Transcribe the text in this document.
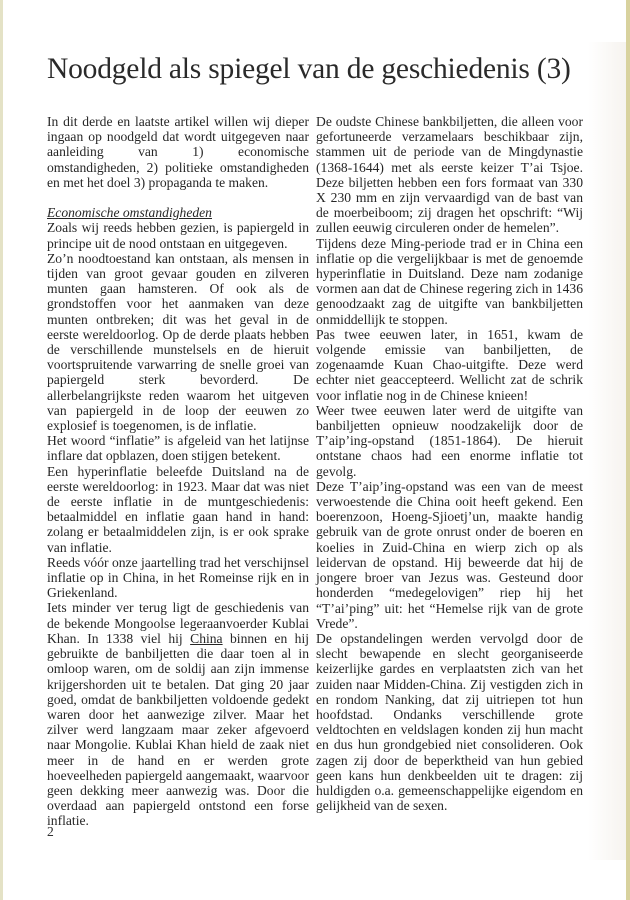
Noodgeld als spiegel van de geschiedenis (3)

In dit derde en laatste artikel willen wij dieper ingaan op noodgeld dat wordt uitgegeven naar aanleiding van 1) economische omstandigheden, 2) politieke omstandigheden en met het doel 3) propaganda te maken.

Economische omstandigheden

Zoals wij reeds hebben gezien, is papiergeld in principe uit de nood ontstaan en uitgegeven.

Zo’n noodtoestand kan ontstaan, als mensen in tijden van groot gevaar gouden en zilveren munten gaan hamsteren. Of ook als de grondstoffen voor het aanmaken van deze munten ontbreken; dit was het geval in de eerste wereldoorlog. Op de derde plaats hebben de verschillende munstelsels en de hieruit voortspruitende varwarring de snelle groei van papiergeld sterk bevorderd. De allerbelangrijkste reden waarom het uitgeven van papiergeld in de loop der eeuwen zo explosief is toegenomen, is de inflatie.

Het woord “inflatie” is afgeleid van het latijnse inflare dat opblazen, doen stijgen betekent.

Een hyperinflatie beleefde Duitsland na de eerste wereldoorlog: in 1923. Maar dat was niet de eerste inflatie in de muntgeschiedenis: betaalmiddel en inflatie gaan hand in hand: zolang er betaalmiddelen zijn, is er ook sprake van inflatie.

Reeds vóór onze jaartelling trad het verschijnsel inflatie op in China, in het Romeinse rijk en in Griekenland.

Iets minder ver terug ligt de geschiedenis van de bekende Mongoolse legeraanvoerder Kublai Khan. In 1338 viel hij China binnen en hij gebruikte de banbiljetten die daar toen al in omloop waren, om de soldij aan zijn immense krijgershorden uit te betalen. Dat ging 20 jaar goed, omdat de bankbiljetten voldoende gedekt waren door het aanwezige zilver. Maar het zilver werd langzaam maar zeker afgevoerd naar Mongolie. Kublai Khan hield de zaak niet meer in de hand en er werden grote hoeveelheden papiergeld aangemaakt, waarvoor geen dekking meer aanwezig was. Door die overdaad aan papiergeld ontstond een forse inflatie.

De oudste Chinese bankbiljetten, die alleen voor gefortuneerde verzamelaars beschikbaar zijn, stammen uit de periode van de Mingdynastie (1368-1644) met als eerste keizer T’ai Tsjoe. Deze biljetten hebben een fors formaat van 330 X 230 mm en zijn vervaardigd van de bast van de moerbeiboom; zij dragen het opschrift: “Wij zullen eeuwig circuleren onder de hemelen”.

Tijdens deze Ming-periode trad er in China een inflatie op die vergelijkbaar is met de genoemde hyperinflatie in Duitsland. Deze nam zodanige vormen aan dat de Chinese regering zich in 1436 genoodzaakt zag de uitgifte van bankbiljetten onmiddellijk te stoppen.

Pas twee eeuwen later, in 1651, kwam de volgende emissie van banbiljetten, de zogenaamde Kuan Chao-uitgifte. Deze werd echter niet geaccepteerd. Wellicht zat de schrik voor inflatie nog in de Chinese knieen!

Weer twee eeuwen later werd de uitgifte van banbiljetten opnieuw noodzakelijk door de T’aip’ing-opstand (1851-1864). De hieruit ontstane chaos had een enorme inflatie tot gevolg.

Deze T’aip’ing-opstand was een van de meest verwoestende die China ooit heeft gekend. Een boerenzoon, Hoeng-Sjioetj’un, maakte handig gebruik van de grote onrust onder de boeren en koelies in Zuid-China en wierp zich op als leidervan de opstand. Hij beweerde dat hij de jongere broer van Jezus was. Gesteund door honderden “medegelovigen” riep hij het “T’ai’ping” uit: het “Hemelse rijk van de grote Vrede”.

De opstandelingen werden vervolgd door de slecht bewapende en slecht georganiseerde keizerlijke gardes en verplaatsten zich van het zuiden naar Midden-China. Zij vestigden zich in en rondom Nanking, dat zij uitriepen tot hun hoofdstad. Ondanks verschillende grote veldtochten en veldslagen konden zij hun macht en dus hun grondgebied niet consolideren. Ook zagen zij door de beperktheid van hun gebied geen kans hun denkbeelden uit te dragen: zij huldigden o.a. gemeenschappelijke eigendom en gelijkheid van de sexen.

2
